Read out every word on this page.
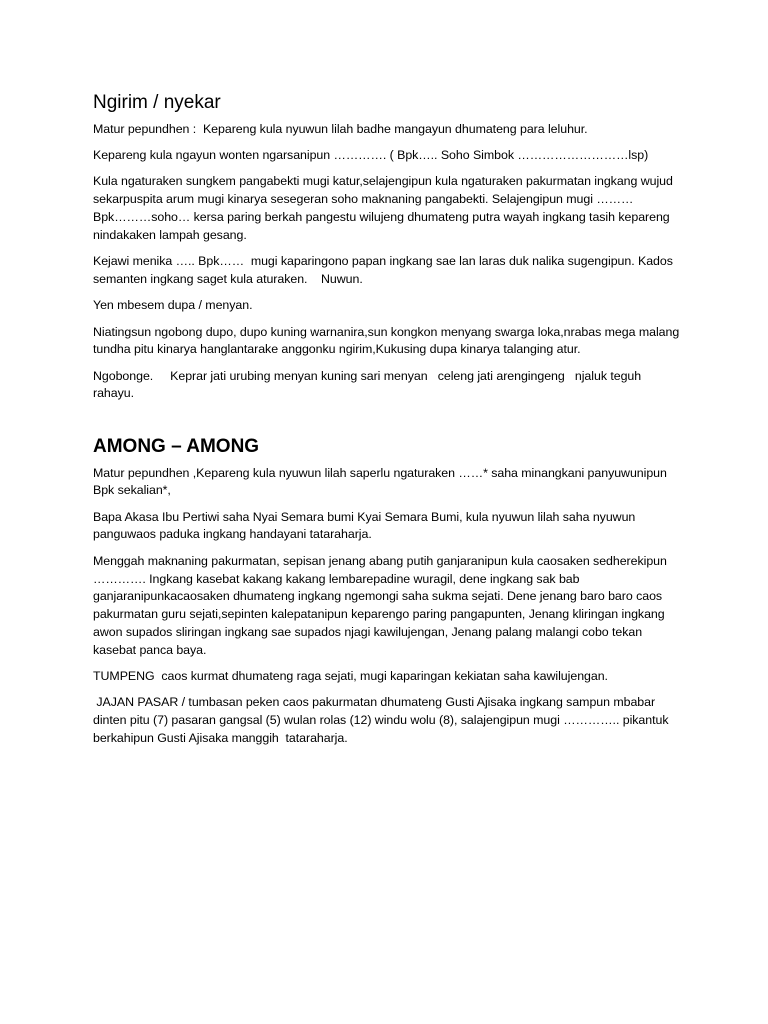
Ngirim / nyekar

Matur pepundhen :  Kepareng kula nyuwun lilah badhe mangayun dhumateng para leluhur.

Kepareng kula ngayun wonten ngarsanipun …………. ( Bpk….. Soho Simbok ………………………lsp)

Kula ngaturaken sungkem pangabekti mugi katur,selajengipun kula ngaturaken pakurmatan ingkang wujud sekarpuspita arum mugi kinarya sesegeran soho maknaning pangabekti. Selajengipun mugi ………Bpk………soho… kersa paring berkah pangestu wilujeng dhumateng putra wayah ingkang tasih kepareng nindakaken lampah gesang.

Kejawi menika ….. Bpk……  mugi kaparingono papan ingkang sae lan laras duk nalika sugengipun. Kados semanten ingkang saget kula aturaken.    Nuwun.

Yen mbesem dupa / menyan.

Niatingsun ngobong dupo, dupo kuning warnanira,sun kongkon menyang swarga loka,nrabas mega malang tundha pitu kinarya hanglantarake anggonku ngirim,Kukusing dupa kinarya talanging atur.

Ngobonge.     Keprar jati urubing menyan kuning sari menyan   celeng jati arengingeng   njaluk teguh rahayu.

AMONG – AMONG

Matur pepundhen ,Kepareng kula nyuwun lilah saperlu ngaturaken ……* saha minangkani panyuwunipun Bpk sekalian*,

Bapa Akasa Ibu Pertiwi saha Nyai Semara bumi Kyai Semara Bumi, kula nyuwun lilah saha nyuwun panguwaos paduka ingkang handayani tataraharja.

Menggah maknaning pakurmatan, sepisan jenang abang putih ganjaranipun kula caosaken sedherekipun …………. Ingkang kasebat kakang kakang lembarepadine wuragil, dene ingkang sak bab ganjaranipunkacaosaken dhumateng ingkang ngemongi saha sukma sejati. Dene jenang baro baro caos pakurmatan guru sejati,sepinten kalepatanipun keparengo paring pangapunten, Jenang kliringan ingkang awon supados sliringan ingkang sae supados njagi kawilujengan, Jenang palang malangi cobo tekan kasebat panca baya.

TUMPENG  caos kurmat dhumateng raga sejati, mugi kaparingan kekiatan saha kawilujengan.

JAJAN PASAR / tumbasan peken caos pakurmatan dhumateng Gusti Ajisaka ingkang sampun mbabar dinten pitu (7) pasaran gangsal (5) wulan rolas (12) windu wolu (8), salajengipun mugi ………….. pikantuk berkahipun Gusti Ajisaka manggih  tataraharja.
